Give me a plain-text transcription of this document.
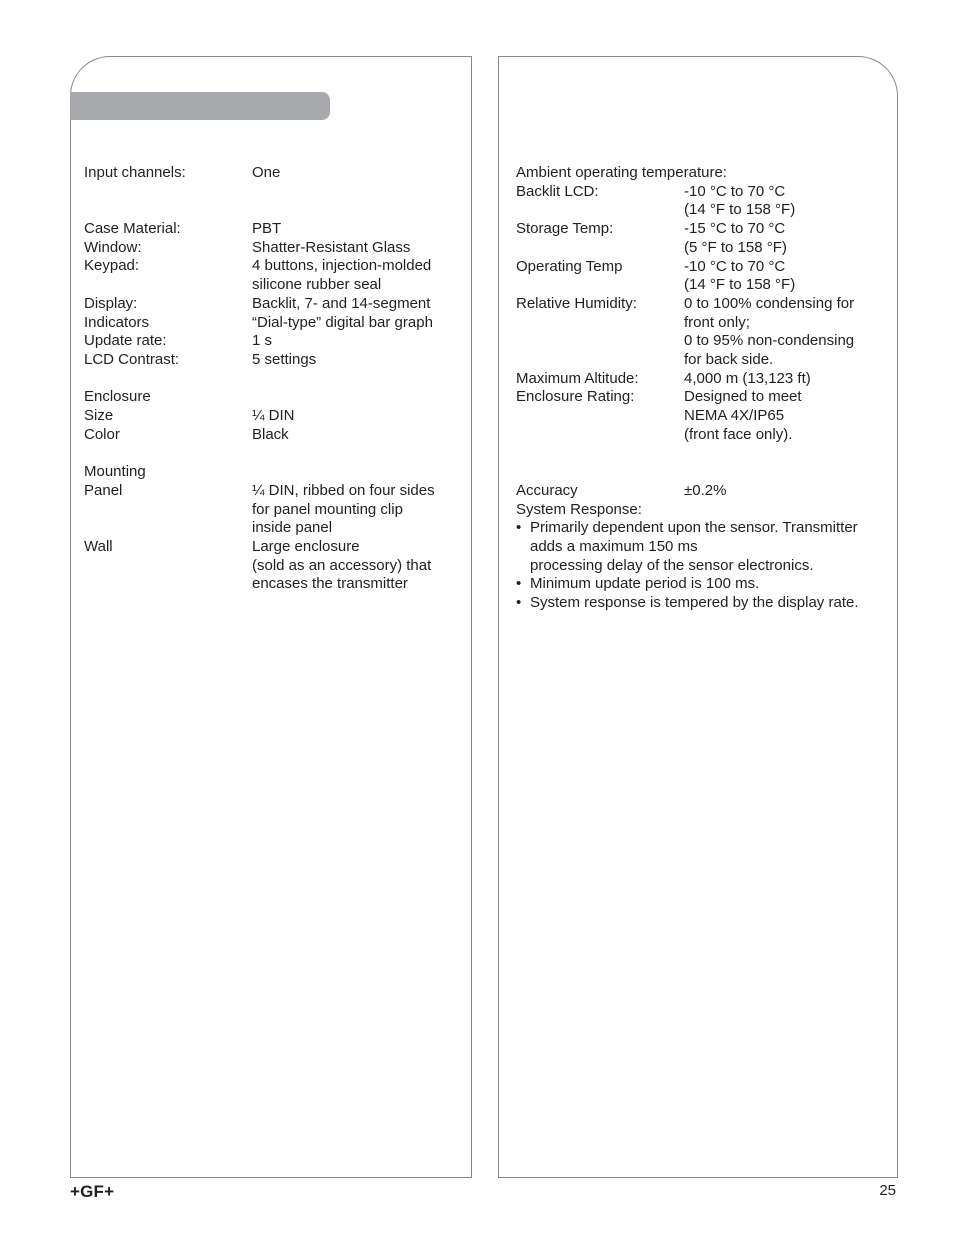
Input channels:	One
Case Material:	PBT
Window:	Shatter-Resistant Glass
Keypad:	4 buttons, injection-molded
silicone rubber seal
Display:	Backlit, 7- and 14-segment
Indicators	“Dial-type” digital bar graph
Update rate:	1 s
LCD Contrast:	5 settings
Enclosure
Size	¼ DIN
Color	Black
Mounting
Panel	¼ DIN, ribbed on four sides
for panel mounting clip
inside panel
Wall	Large enclosure
(sold as an accessory) that
encases the transmitter
Ambient operating temperature:
Backlit LCD:	-10 °C to 70 °C
(14 °F to 158 °F)
Storage Temp:	-15 °C to 70 °C
(5 °F to 158 °F)
Operating Temp	-10 °C to 70 °C
(14 °F to 158 °F)
Relative Humidity:	0 to 100% condensing for
front only;
0 to 95% non-condensing
for back side.
Maximum Altitude:	4,000 m (13,123 ft)
Enclosure Rating:	Designed to meet
NEMA 4X/IP65
(front face only).
Accuracy	±0.2%
System Response:
• Primarily dependent upon the sensor. Transmitter
adds a maximum 150 ms
processing delay of the sensor electronics.
• Minimum update period is 100 ms.
• System response is tempered by the display rate.
+GF+	25
